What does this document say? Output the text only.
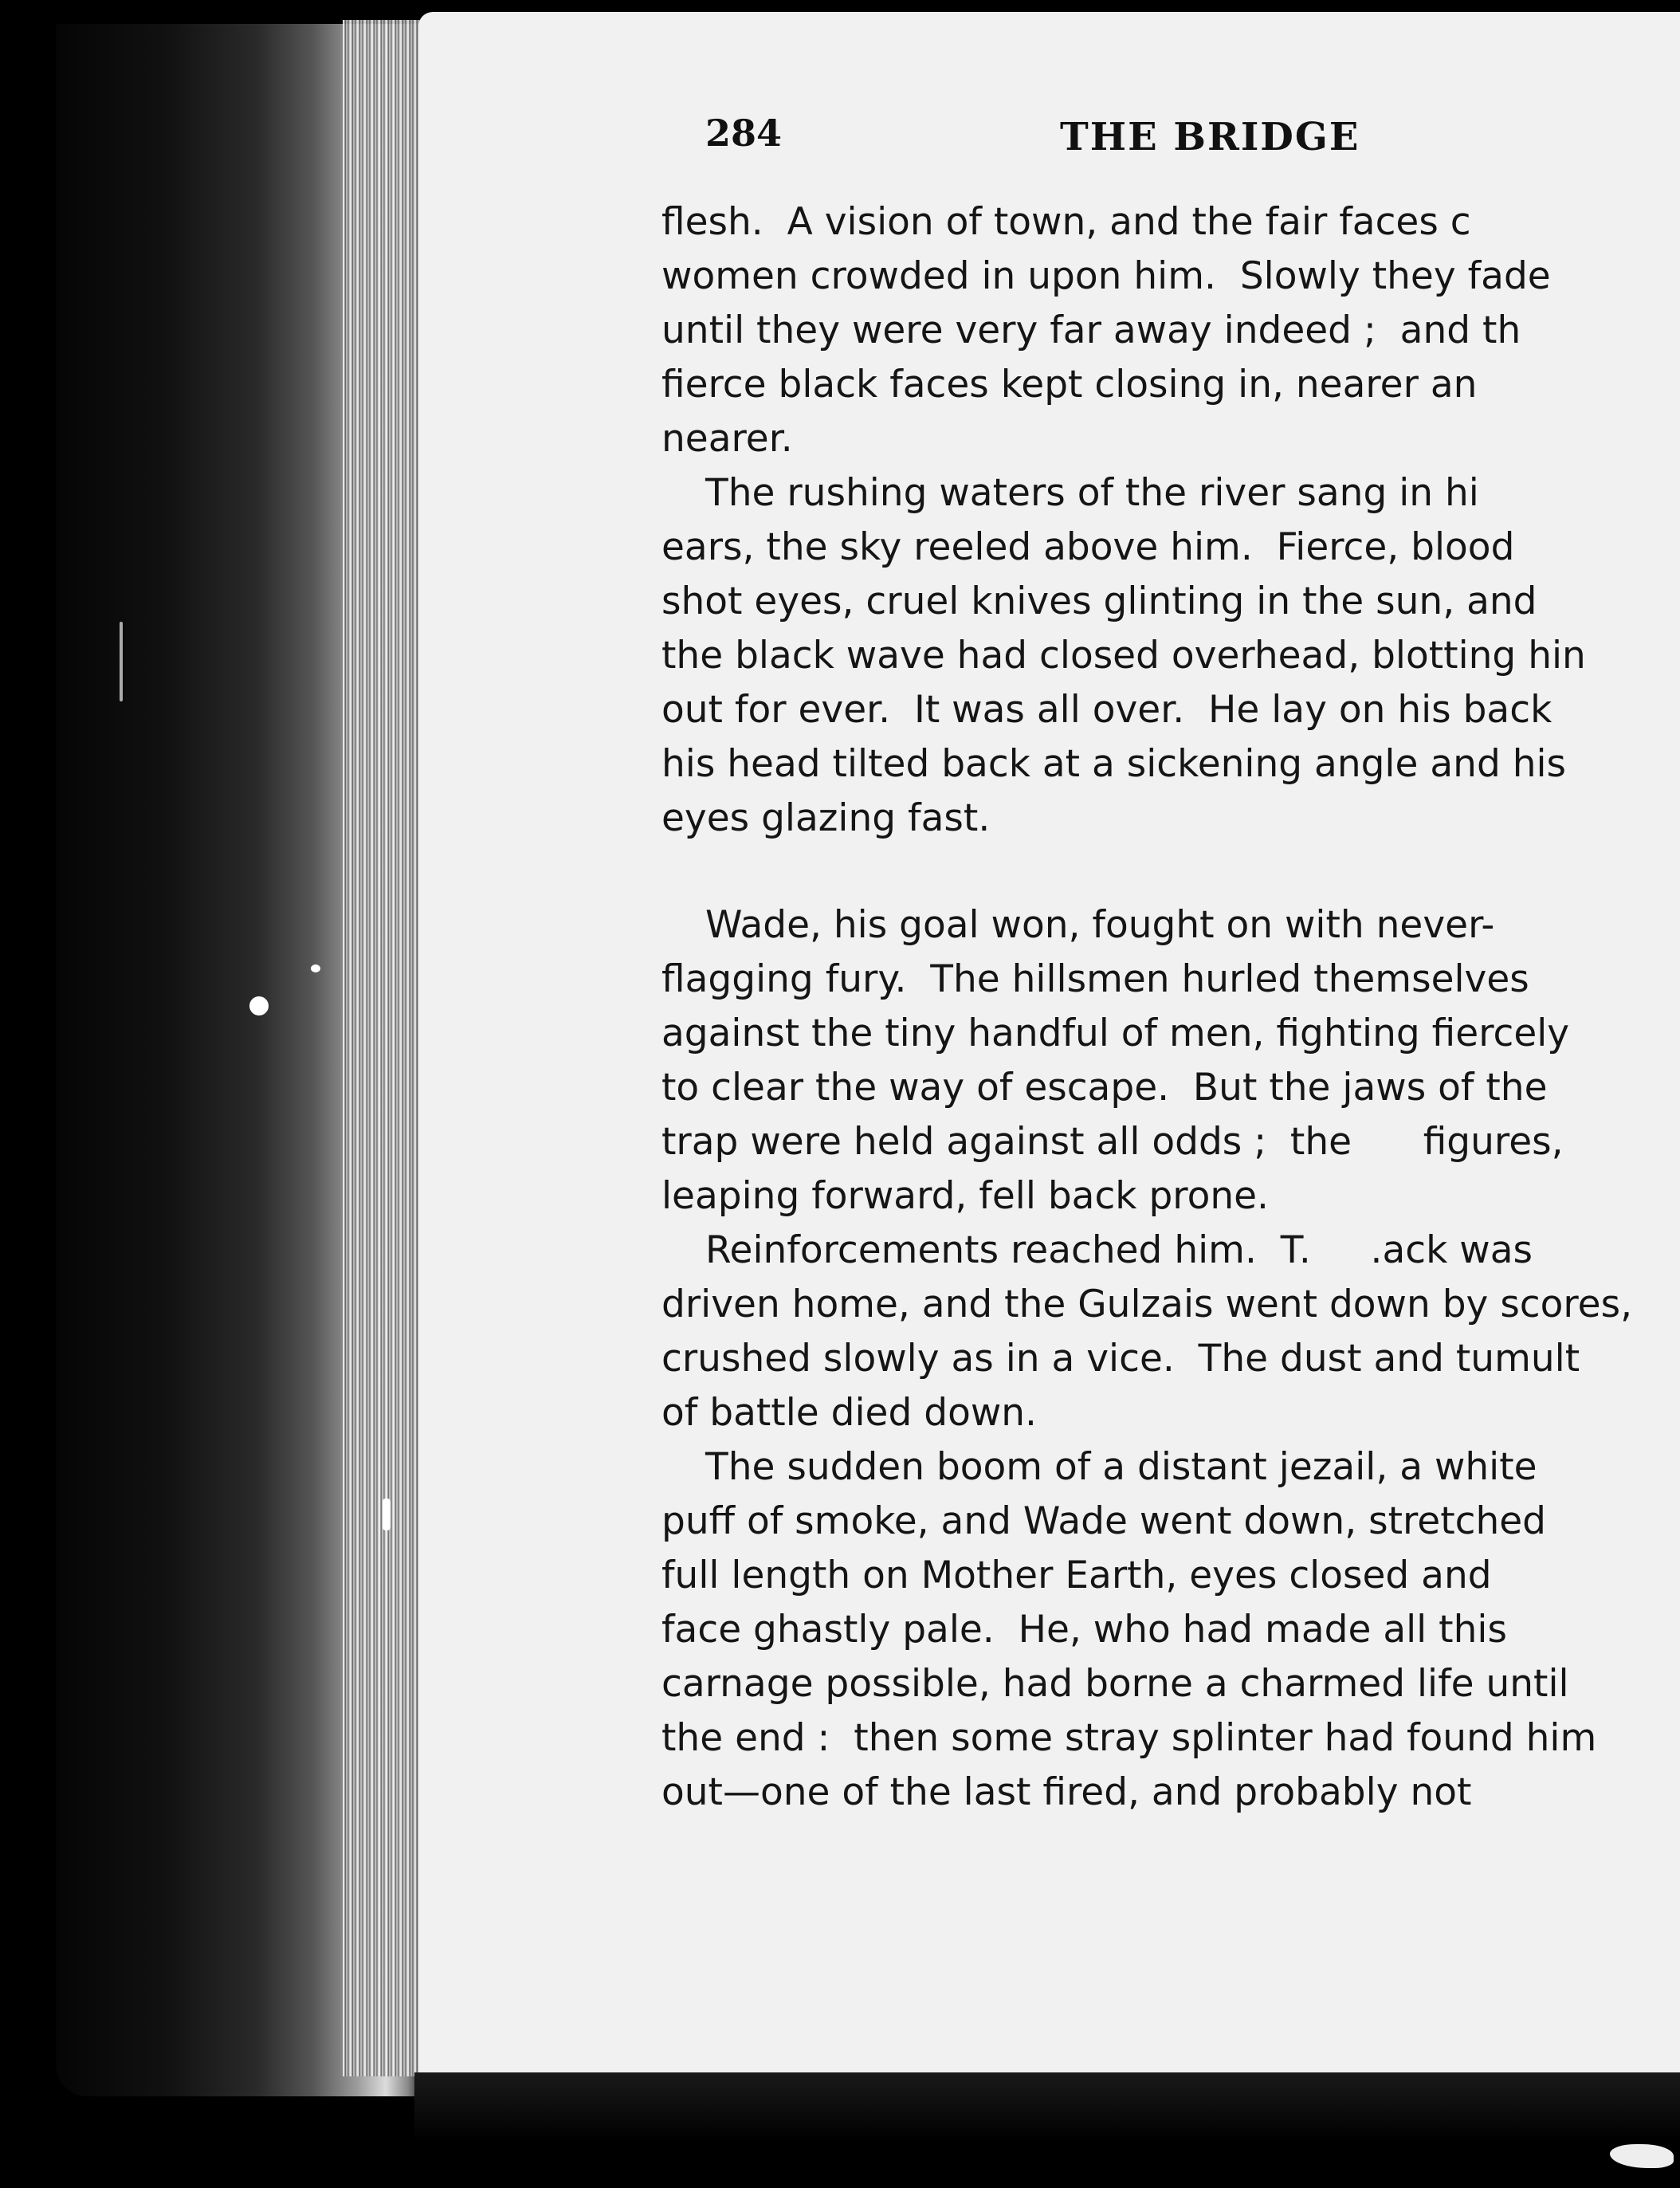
284	THE BRIDGE
flesh.  A vision of town, and the fair faces c
women crowded in upon him.  Slowly they fade
until they were very far away indeed ;  and th
fierce black faces kept closing in, nearer an
nearer.
The rushing waters of the river sang in hi
ears, the sky reeled above him.  Fierce, blood
shot eyes, cruel knives glinting in the sun, and
the black wave had closed overhead, blotting hin
out for ever.  It was all over.  He lay on his back
his head tilted back at a sickening angle and his
eyes glazing fast.
Wade, his goal won, fought on with never-
flagging fury.  The hillsmen hurled themselves
against the tiny handful of men, fighting fiercely
to clear the way of escape.  But the jaws of the
trap were held against all odds ;  the      figures,
leaping forward, fell back prone.
Reinforcements reached him.  T.     .ack was
driven home, and the Gulzais went down by scores,
crushed slowly as in a vice.  The dust and tumult
of battle died down.
The sudden boom of a distant jezail, a white
puff of smoke, and Wade went down, stretched
full length on Mother Earth, eyes closed and
face ghastly pale.  He, who had made all this
carnage possible, had borne a charmed life until
the end :  then some stray splinter had found him
out—one of the last fired, and probably not
